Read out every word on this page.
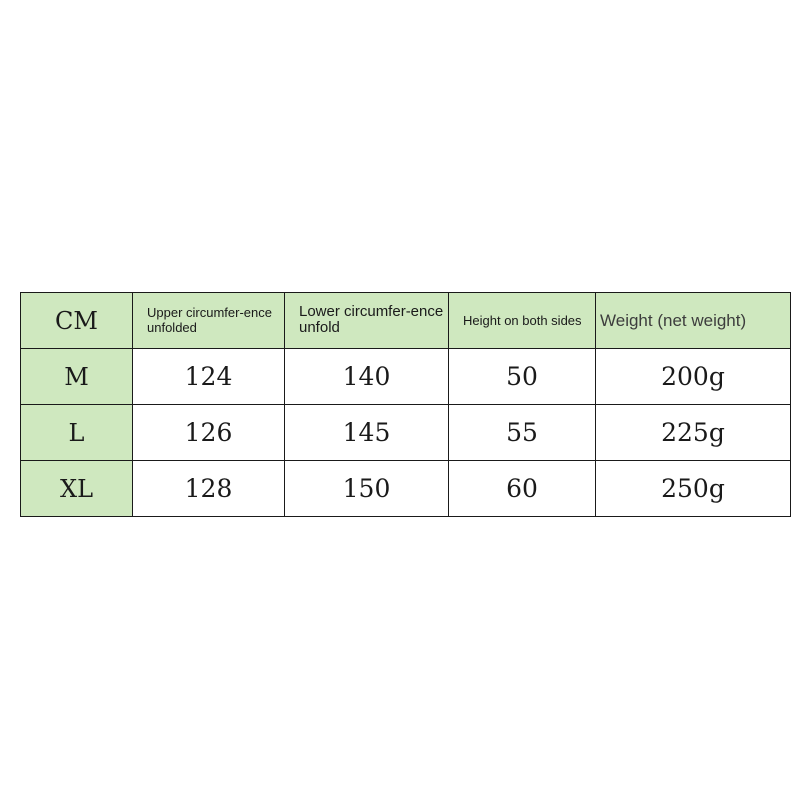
CM	Upper circumfer-ence unfolded	Lower circumfer-ence unfold	Height on both sides	Weight (net weight)
M	124	140	50	200g
L	126	145	55	225g
XL	128	150	60	250g
